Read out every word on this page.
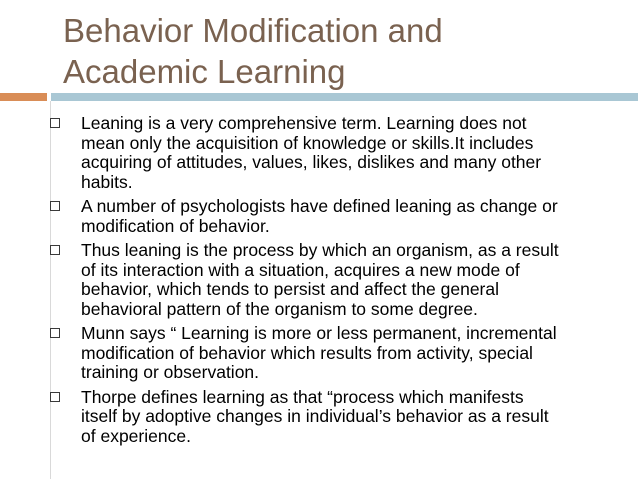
Behavior Modification and
Academic Learning
Leaning is a very comprehensive term. Learning does not
mean only the acquisition of knowledge or skills.It includes
acquiring of attitudes, values, likes, dislikes and many other
habits.
A number of psychologists have defined leaning as change or
modification of behavior.
Thus leaning is the process by which an organism, as a result
of its interaction with a situation, acquires a new mode of
behavior, which tends to persist and affect the general
behavioral pattern of the organism to some degree.
Munn says “ Learning is more or less permanent, incremental
modification of behavior which results from activity, special
training or observation.
Thorpe defines learning as that “process which manifests
itself by adoptive changes in individual’s behavior as a result
of experience.
